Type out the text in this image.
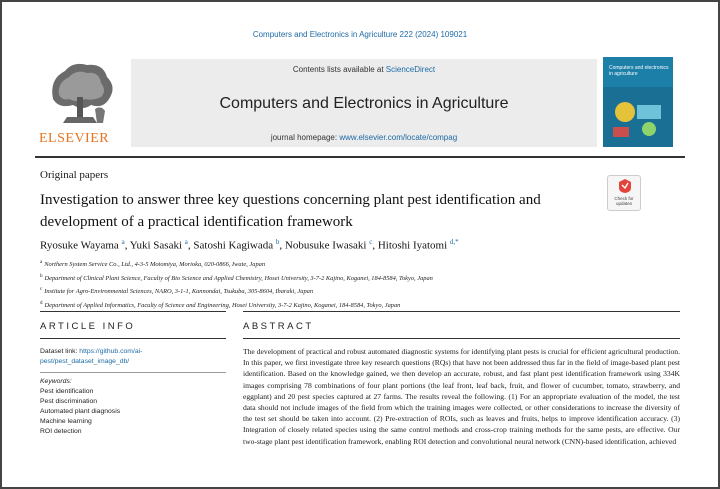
Computers and Electronics in Agriculture 222 (2024) 109021
ELSEVIER
Contents lists available at ScienceDirect
Computers and Electronics in Agriculture
journal homepage: www.elsevier.com/locate/compag
Computers and electronics in agriculture
Original papers
Investigation to answer three key questions concerning plant pest identification and development of a practical identification framework
Check for updates
Ryosuke Wayama $^a$, Yuki Sasaki $^a$, Satoshi Kagiwada $^b$, Nobusuke Iwasaki $^c$, Hitoshi Iyatomi $^{d,*}$
$^a$ Northern System Service Co., Ltd., 4-3-5 Motomiya, Morioka, 020-0866, Iwate, Japan
$^b$ Department of Clinical Plant Science, Faculty of Bio Science and Applied Chemistry, Hosei University, 3-7-2 Kajino, Koganei, 184-8584, Tokyo, Japan
$^c$ Institute for Agro-Environmental Sciences, NARO, 3-1-1, Kannondai, Tsukuba, 305-8604, Ibaraki, Japan
$^d$ Department of Applied Informatics, Faculty of Science and Engineering, Hosei University, 3-7-2 Kajino, Koganei, 184-8584, Tokyo, Japan
ARTICLE INFO	ABSTRACT
Dataset link: https://github.com/ai-pest/pest_dataset_image_db/
Keywords:
Pest identification
Pest discrimination
Automated plant diagnosis
Machine learning
ROI detection
The development of practical and robust automated diagnostic systems for identifying plant pests is crucial for efficient agricultural production. In this paper, we first investigate three key research questions (RQs) that have not been addressed thus far in the field of image-based plant pest identification. Based on the knowledge gained, we then develop an accurate, robust, and fast plant pest identification framework using 334K images comprising 78 combinations of four plant portions (the leaf front, leaf back, fruit, and flower of cucumber, tomato, strawberry, and eggplant) and 20 pest species captured at 27 farms. The results reveal the following. (1) For an appropriate evaluation of the model, the test data should not include images of the field from which the training images were collected, or other considerations to increase the diversity of the test set should be taken into account. (2) Pre-extraction of ROIs, such as leaves and fruits, helps to improve identification accuracy. (3) Integration of closely related species using the same control methods and cross-crop training methods for the same pests, are effective. Our two-stage plant pest identification framework, enabling ROI detection and convolutional neural network (CNN)-based identification, achieved
